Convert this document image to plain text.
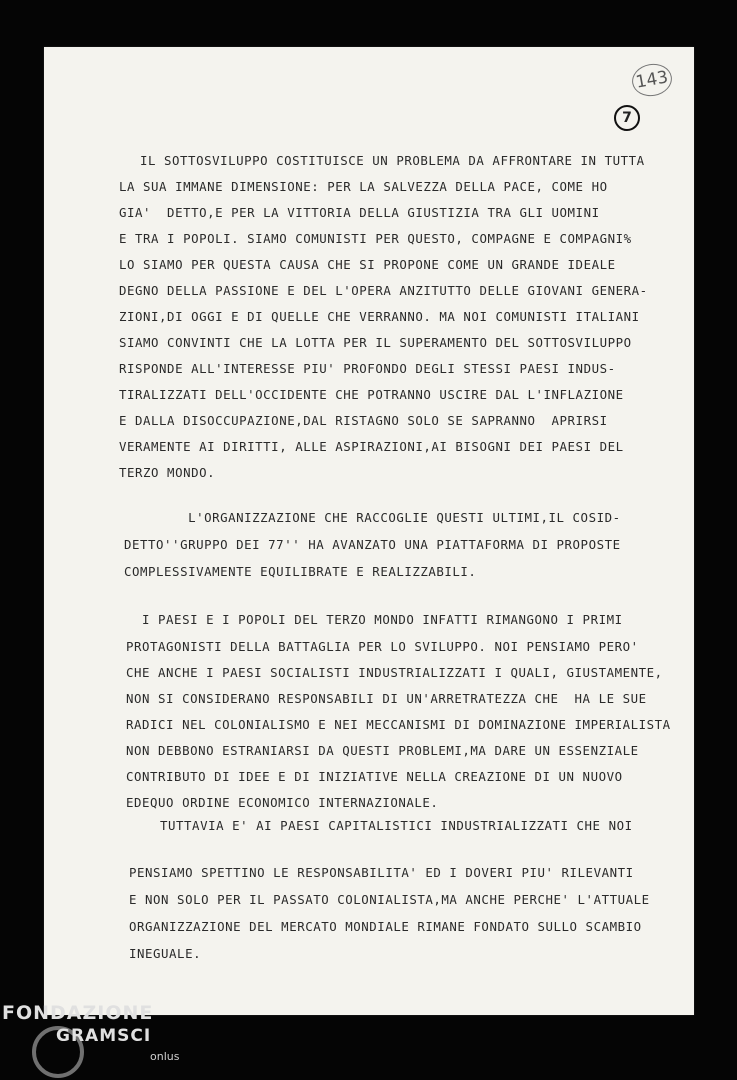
143
7
IL SOTTOSVILUPPO COSTITUISCE UN PROBLEMA DA AFFRONTARE IN TUTTA
LA SUA IMMANE DIMENSIONE: PER LA SALVEZZA DELLA PACE, COME HO
GIA'  DETTO,E PER LA VITTORIA DELLA GIUSTIZIA TRA GLI UOMINI
E TRA I POPOLI. SIAMO COMUNISTI PER QUESTO, COMPAGNE E COMPAGNI%
LO SIAMO PER QUESTA CAUSA CHE SI PROPONE COME UN GRANDE IDEALE
DEGNO DELLA PASSIONE E DEL L'OPERA ANZITUTTO DELLE GIOVANI GENERA-
ZIONI,DI OGGI E DI QUELLE CHE VERRANNO. MA NOI COMUNISTI ITALIANI
SIAMO CONVINTI CHE LA LOTTA PER IL SUPERAMENTO DEL SOTTOSVILUPPO
RISPONDE ALL'INTERESSE PIU' PROFONDO DEGLI STESSI PAESI INDUS-
TIRALIZZATI DELL'OCCIDENTE CHE POTRANNO USCIRE DAL L'INFLAZIONE
E DALLA DISOCCUPAZIONE,DAL RISTAGNO SOLO SE SAPRANNO  APRIRSI
VERAMENTE AI DIRITTI, ALLE ASPIRAZIONI,AI BISOGNI DEI PAESI DEL
TERZO MONDO.
L'ORGANIZZAZIONE CHE RACCOGLIE QUESTI ULTIMI,IL COSID-
DETTO''GRUPPO DEI 77'' HA AVANZATO UNA PIATTAFORMA DI PROPOSTE
COMPLESSIVAMENTE EQUILIBRATE E REALIZZABILI.
I PAESI E I POPOLI DEL TERZO MONDO INFATTI RIMANGONO I PRIMI
PROTAGONISTI DELLA BATTAGLIA PER LO SVILUPPO. NOI PENSIAMO PERO'
CHE ANCHE I PAESI SOCIALISTI INDUSTRIALIZZATI I QUALI, GIUSTAMENTE,
NON SI CONSIDERANO RESPONSABILI DI UN'ARRETRATEZZA CHE  HA LE SUE
RADICI NEL COLONIALISMO E NEI MECCANISMI DI DOMINAZIONE IMPERIALISTA
NON DEBBONO ESTRANIARSI DA QUESTI PROBLEMI,MA DARE UN ESSENZIALE
CONTRIBUTO DI IDEE E DI INIZIATIVE NELLA CREAZIONE DI UN NUOVO
EDEQUO ORDINE ECONOMICO INTERNAZIONALE.
TUTTAVIA E' AI PAESI CAPITALISTICI INDUSTRIALIZZATI CHE NOI
PENSIAMO SPETTINO LE RESPONSABILITA' ED I DOVERI PIU' RILEVANTI
E NON SOLO PER IL PASSATO COLONIALISTA,MA ANCHE PERCHE' L'ATTUALE
ORGANIZZAZIONE DEL MERCATO MONDIALE RIMANE FONDATO SULLO SCAMBIO
INEGUALE.
FONDAZIONE
GRAMSCI
onlus
